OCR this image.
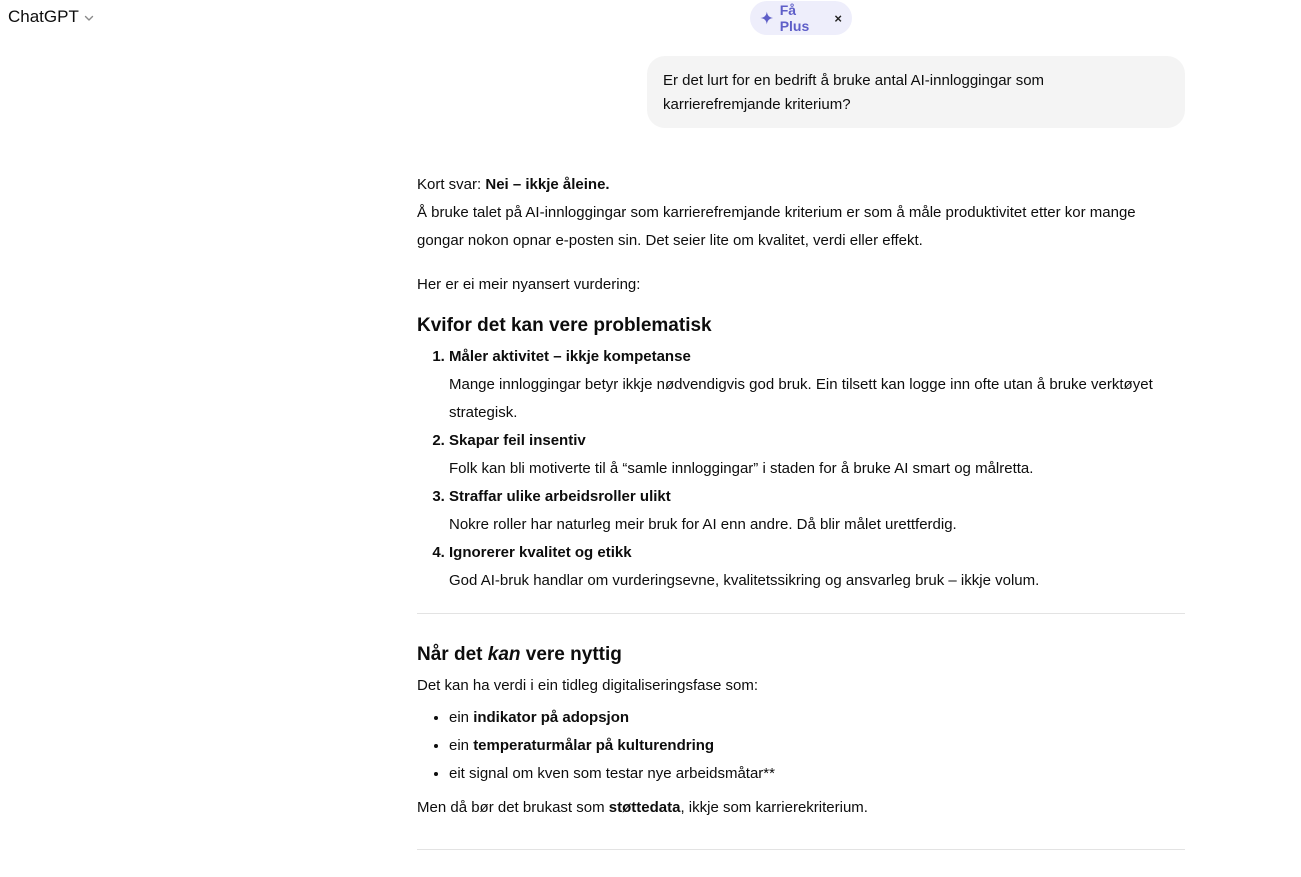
ChatGPT	Få Plus	×
Er det lurt for en bedrift å bruke antal AI-innloggingar som
karrierefremjande kriterium?

Kort svar: Nei – ikkje åleine.

Å bruke talet på AI-innloggingar som karrierefremjande kriterium er som å måle produktivitet etter kor mange gongar nokon opnar e-posten sin. Det seier lite om kvalitet, verdi eller effekt.

Her er ei meir nyansert vurdering:

Kvifor det kan vere problematisk
1. Måler aktivitet – ikkje kompetanse
Mange innloggingar betyr ikkje nødvendigvis god bruk. Ein tilsett kan logge inn ofte utan å bruke verktøyet strategisk.
2. Skapar feil insentiv
Folk kan bli motiverte til å “samle innloggingar” i staden for å bruke AI smart og målretta.
3. Straffar ulike arbeidsroller ulikt
Nokre roller har naturleg meir bruk for AI enn andre. Då blir målet urettferdig.
4. Ignorerer kvalitet og etikk
God AI-bruk handlar om vurderingsevne, kvalitetssikring og ansvarleg bruk – ikkje volum.
Når det kan vere nyttig

Det kan ha verdi i ein tidleg digitaliseringsfase som:

• ein indikator på adopsjon
• ein temperaturmålar på kulturendring
• eit signal om kven som testar nye arbeidsmåtar**

Men då bør det brukast som støttedata, ikkje som karrierekriterium.
